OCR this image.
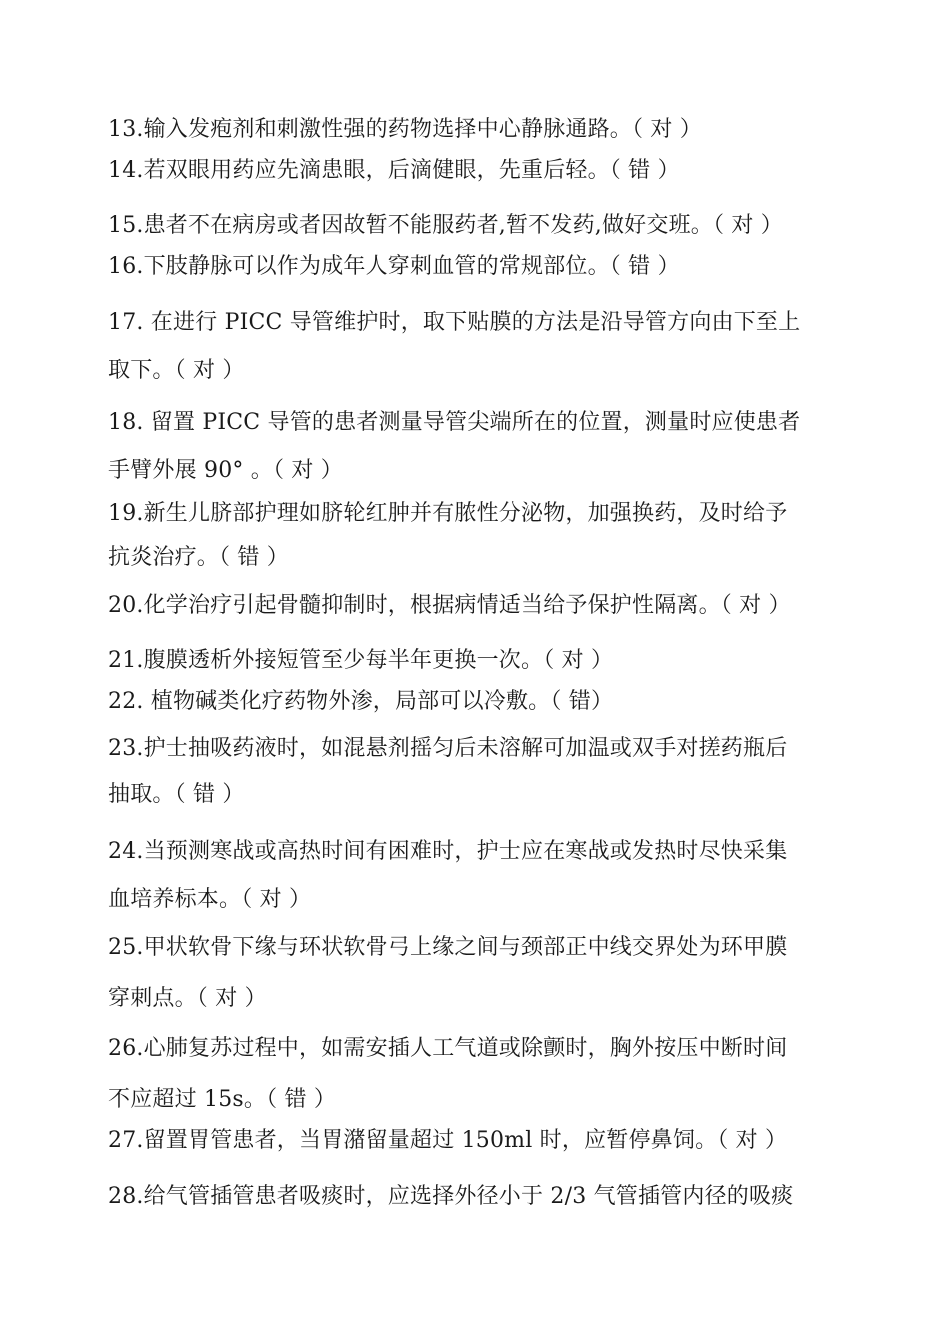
13.输入发疱剂和刺激性强的药物选择中心静脉通路。（ 对 ）
14.若双眼用药应先滴患眼，后滴健眼，先重后轻。（ 错 ）
15.患者不在病房或者因故暂不能服药者,暂不发药,做好交班。（ 对 ）
16.下肢静脉可以作为成年人穿刺血管的常规部位。（ 错 ）
17. 在进行 PICC 导管维护时，取下贴膜的方法是沿导管方向由下至上
取下。（ 对 ）
18. 留置 PICC 导管的患者测量导管尖端所在的位置，测量时应使患者
手臂外展 90° 。（ 对 ）
19.新生儿脐部护理如脐轮红肿并有脓性分泌物，加强换药，及时给予
抗炎治疗。（ 错 ）
20.化学治疗引起骨髓抑制时，根据病情适当给予保护性隔离。（ 对 ）
21.腹膜透析外接短管至少每半年更换一次。（ 对 ）
22. 植物碱类化疗药物外渗，局部可以冷敷。（ 错）
23.护士抽吸药液时，如混悬剂摇匀后未溶解可加温或双手对搓药瓶后
抽取。（ 错 ）
24.当预测寒战或高热时间有困难时，护士应在寒战或发热时尽快采集
血培养标本。（ 对 ）
25.甲状软骨下缘与环状软骨弓上缘之间与颈部正中线交界处为环甲膜
穿刺点。（ 对 ）
26.心肺复苏过程中，如需安插人工气道或除颤时，胸外按压中断时间
不应超过 15s。（ 错 ）
27.留置胃管患者，当胃潴留量超过 150ml 时，应暂停鼻饲。（ 对 ）
28.给气管插管患者吸痰时，应选择外径小于 2/3 气管插管内径的吸痰
